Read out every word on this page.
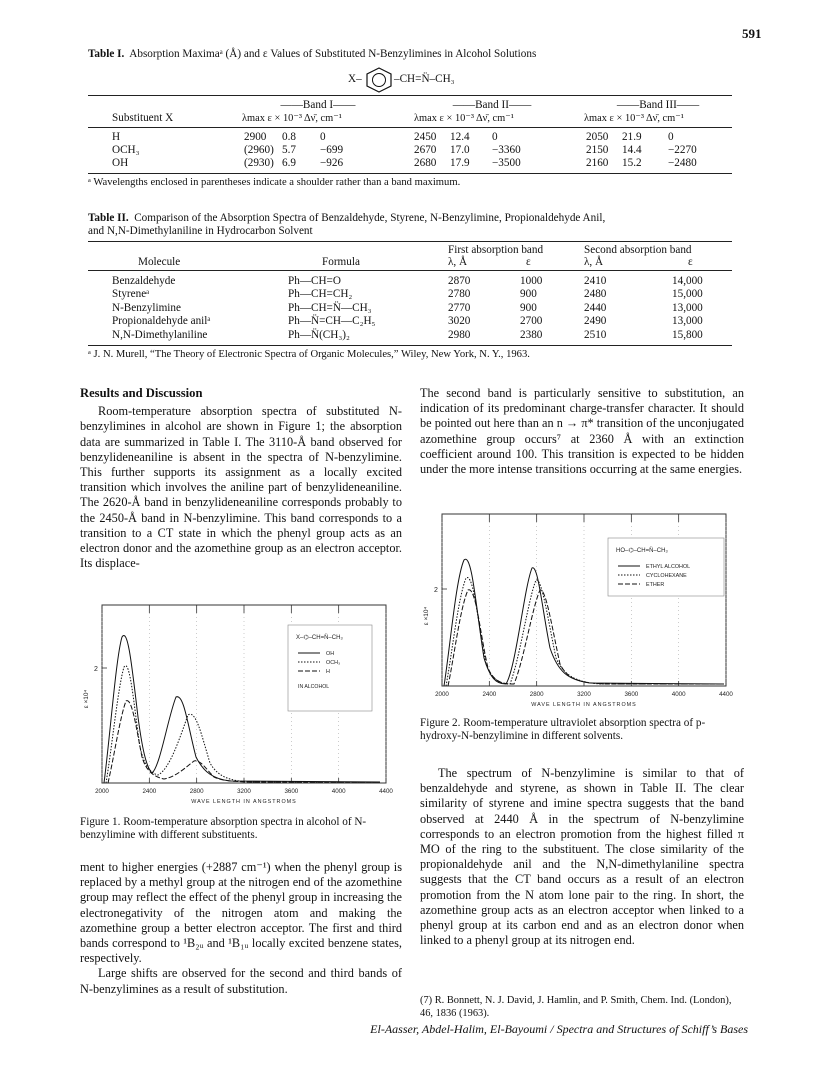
591
Table I. Absorption Maximaᵃ (Å) and ε Values of Substituted N-Benzylimines in Alcohol Solutions
X–	–CH=N̈–CH₃
——Band I——	——Band II——	——Band III——
Substituent X	λmax ε × 10⁻³ Δν̄, cm⁻¹	λmax ε × 10⁻³ Δν̄, cm⁻¹	λmax ε × 10⁻³ Δν̄, cm⁻¹
H	2900 0.8 0	2450 12.4 0	2050 21.9 0
OCH₃	(2960) 5.7 −699	2670 17.0 −3360	2150 14.4 −2270
OH	(2930) 6.9 −926	2680 17.9 −3500	2160 15.2 −2480
ᵃ Wavelengths enclosed in parentheses indicate a shoulder rather than a band maximum.
Table II. Comparison of the Absorption Spectra of Benzaldehyde, Styrene, N-Benzylimine, Propionaldehyde Anil,
and N,N-Dimethylaniline in Hydrocarbon Solvent
First absorption band	Second absorption band
Molecule	Formula	λ, Å	ε	λ, Å	ε
Benzaldehyde	Ph—CH=O	2870	1000	2410	14,000
Styreneᵃ	Ph—CH=CH₂	2780	900	2480	15,000
N-Benzylimine	Ph—CH=N̈—CH₃	2770	900	2440	13,000
Propionaldehyde anilᵃ	Ph—N̈=CH—C₂H₅	3020	2700	2490	13,000
N,N-Dimethylaniline	Ph—N̈(CH₃)₂	2980	2380	2510	15,800
ᵃ J. N. Murell, “The Theory of Electronic Spectra of Organic Molecules,” Wiley, New York, N. Y., 1963.
Results and Discussion

Room-temperature absorption spectra of substituted N-benzylimines in alcohol are shown in Figure 1; the absorption data are summarized in Table I. The 3110-Å band observed for benzylideneaniline is absent in the spectra of N-benzylimine. This further supports its assignment as a locally excited transition which involves the aniline part of benzylideneaniline. The 2620-Å band in benzylideneaniline corresponds probably to the 2450-Å band in N-benzylimine. This band corresponds to a transition to a CT state in which the phenyl group acts as an electron donor and the azomethine group as an electron acceptor. Its displace-

2000	2400	2800	3200	3600	4000	4400
WAVE LENGTH IN ANGSTROMS
ε ×10⁴
2
X–⌬–CH=N̈–CH₃
OH
OCH₃
H
IN ALCOHOL
Figure 1. Room-temperature absorption spectra in alcohol of N-benzylimine with different substituents.

ment to higher energies (+2887 cm⁻¹) when the phenyl group is replaced by a methyl group at the nitrogen end of the azomethine group may reflect the effect of the phenyl group in increasing the electronegativity of the nitrogen atom and making the azomethine group a better electron acceptor. The first and third bands correspond to ¹B₂ᵤ and ¹B₁ᵤ locally excited benzene states, respectively.

Large shifts are observed for the second and third bands of N-benzylimines as a result of substitution.

The second band is particularly sensitive to substitution, an indication of its predominant charge-transfer character. It should be pointed out here than an n → π* transition of the unconjugated azomethine group occurs⁷ at 2360 Å with an extinction coefficient around 100. This transition is expected to be hidden under the more intense transitions occurring at the same energies.

2000	2400	2800	3200	3600	4000	4400
WAVE LENGTH IN ANGSTROMS
ε ×10⁴
2
HO–⌬–CH=N̈–CH₃
ETHYL ALCOHOL
CYCLOHEXANE
ETHER
Figure 2. Room-temperature ultraviolet absorption spectra of p-hydroxy-N-benzylimine in different solvents.

The spectrum of N-benzylimine is similar to that of benzaldehyde and styrene, as shown in Table II. The clear similarity of styrene and imine spectra suggests that the band observed at 2440 Å in the spectrum of N-benzylimine corresponds to an electron promotion from the highest filled π MO of the ring to the substituent. The close similarity of the propionaldehyde anil and the N,N-dimethylaniline spectra suggests that the CT band occurs as a result of an electron promotion from the N atom lone pair to the ring. In short, the azomethine group acts as an electron acceptor when linked to a phenyl group at its carbon end and as an electron donor when linked to a phenyl group at its nitrogen end.

(7) R. Bonnett, N. J. David, J. Hamlin, and P. Smith, Chem. Ind. (London), 46, 1836 (1963).
El-Aasser, Abdel-Halim, El-Bayoumi / Spectra and Structures of Schiff’s Bases
